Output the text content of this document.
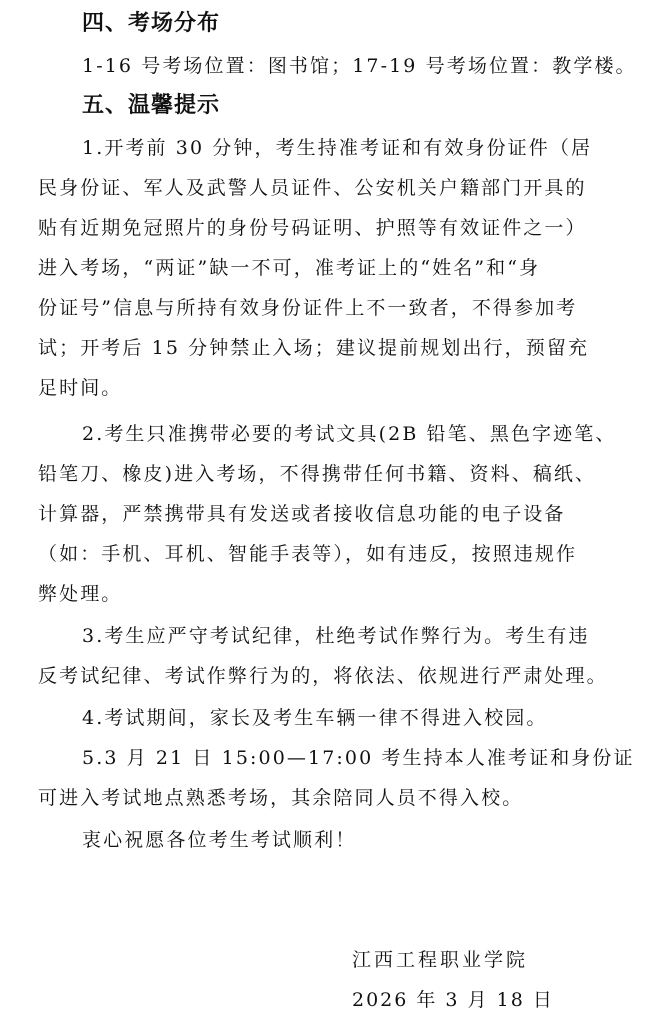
四、考场分布
1-16 号考场位置：图书馆；17-19 号考场位置：教学楼。
五、温馨提示
1.开考前 30 分钟，考生持准考证和有效身份证件（居
民身份证、军人及武警人员证件、公安机关户籍部门开具的
贴有近期免冠照片的身份号码证明、护照等有效证件之一）
进入考场，“两证”缺一不可，准考证上的“姓名”和“身
份证号”信息与所持有效身份证件上不一致者，不得参加考
试；开考后 15 分钟禁止入场；建议提前规划出行，预留充
足时间。
2.考生只准携带必要的考试文具(2B 铅笔、黑色字迹笔、
铅笔刀、橡皮)进入考场，不得携带任何书籍、资料、稿纸、
计算器，严禁携带具有发送或者接收信息功能的电子设备
（如：手机、耳机、智能手表等），如有违反，按照违规作
弊处理。
3.考生应严守考试纪律，杜绝考试作弊行为。考生有违
反考试纪律、考试作弊行为的，将依法、依规进行严肃处理。
4.考试期间，家长及考生车辆一律不得进入校园。
5.3 月 21 日 15:00—17:00 考生持本人准考证和身份证
可进入考试地点熟悉考场，其余陪同人员不得入校。
衷心祝愿各位考生考试顺利！
江西工程职业学院
2026 年 3 月 18 日
